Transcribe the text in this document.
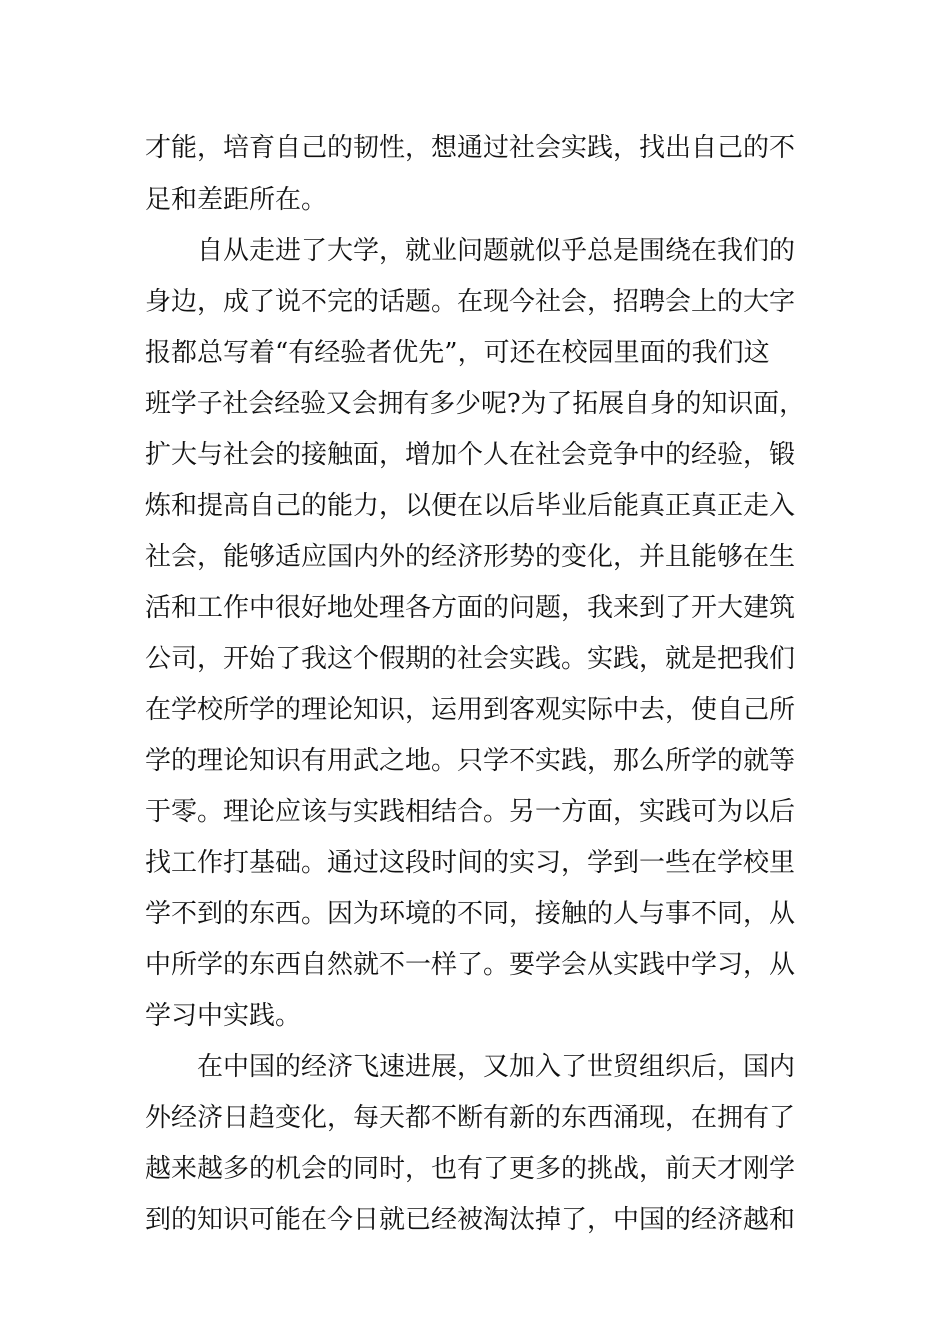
才能，培育自己的韧性，想通过社会实践，找出自己的不
足和差距所在。
自从走进了大学，就业问题就似乎总是围绕在我们的
身边，成了说不完的话题。在现今社会，招聘会上的大字
报都总写着“有经验者优先”，可还在校园里面的我们这
班学子社会经验又会拥有多少呢?为了拓展自身的知识面，
扩大与社会的接触面，增加个人在社会竞争中的经验，锻
炼和提高自己的能力，以便在以后毕业后能真正真正走入
社会，能够适应国内外的经济形势的变化，并且能够在生
活和工作中很好地处理各方面的问题，我来到了开大建筑
公司，开始了我这个假期的社会实践。实践，就是把我们
在学校所学的理论知识，运用到客观实际中去，使自己所
学的理论知识有用武之地。只学不实践，那么所学的就等
于零。理论应该与实践相结合。另一方面，实践可为以后
找工作打基础。通过这段时间的实习，学到一些在学校里
学不到的东西。因为环境的不同，接触的人与事不同，从
中所学的东西自然就不一样了。要学会从实践中学习，从
学习中实践。
在中国的经济飞速进展，又加入了世贸组织后，国内
外经济日趋变化，每天都不断有新的东西涌现，在拥有了
越来越多的机会的同时，也有了更多的挑战，前天才刚学
到的知识可能在今日就已经被淘汰掉了，中国的经济越和
